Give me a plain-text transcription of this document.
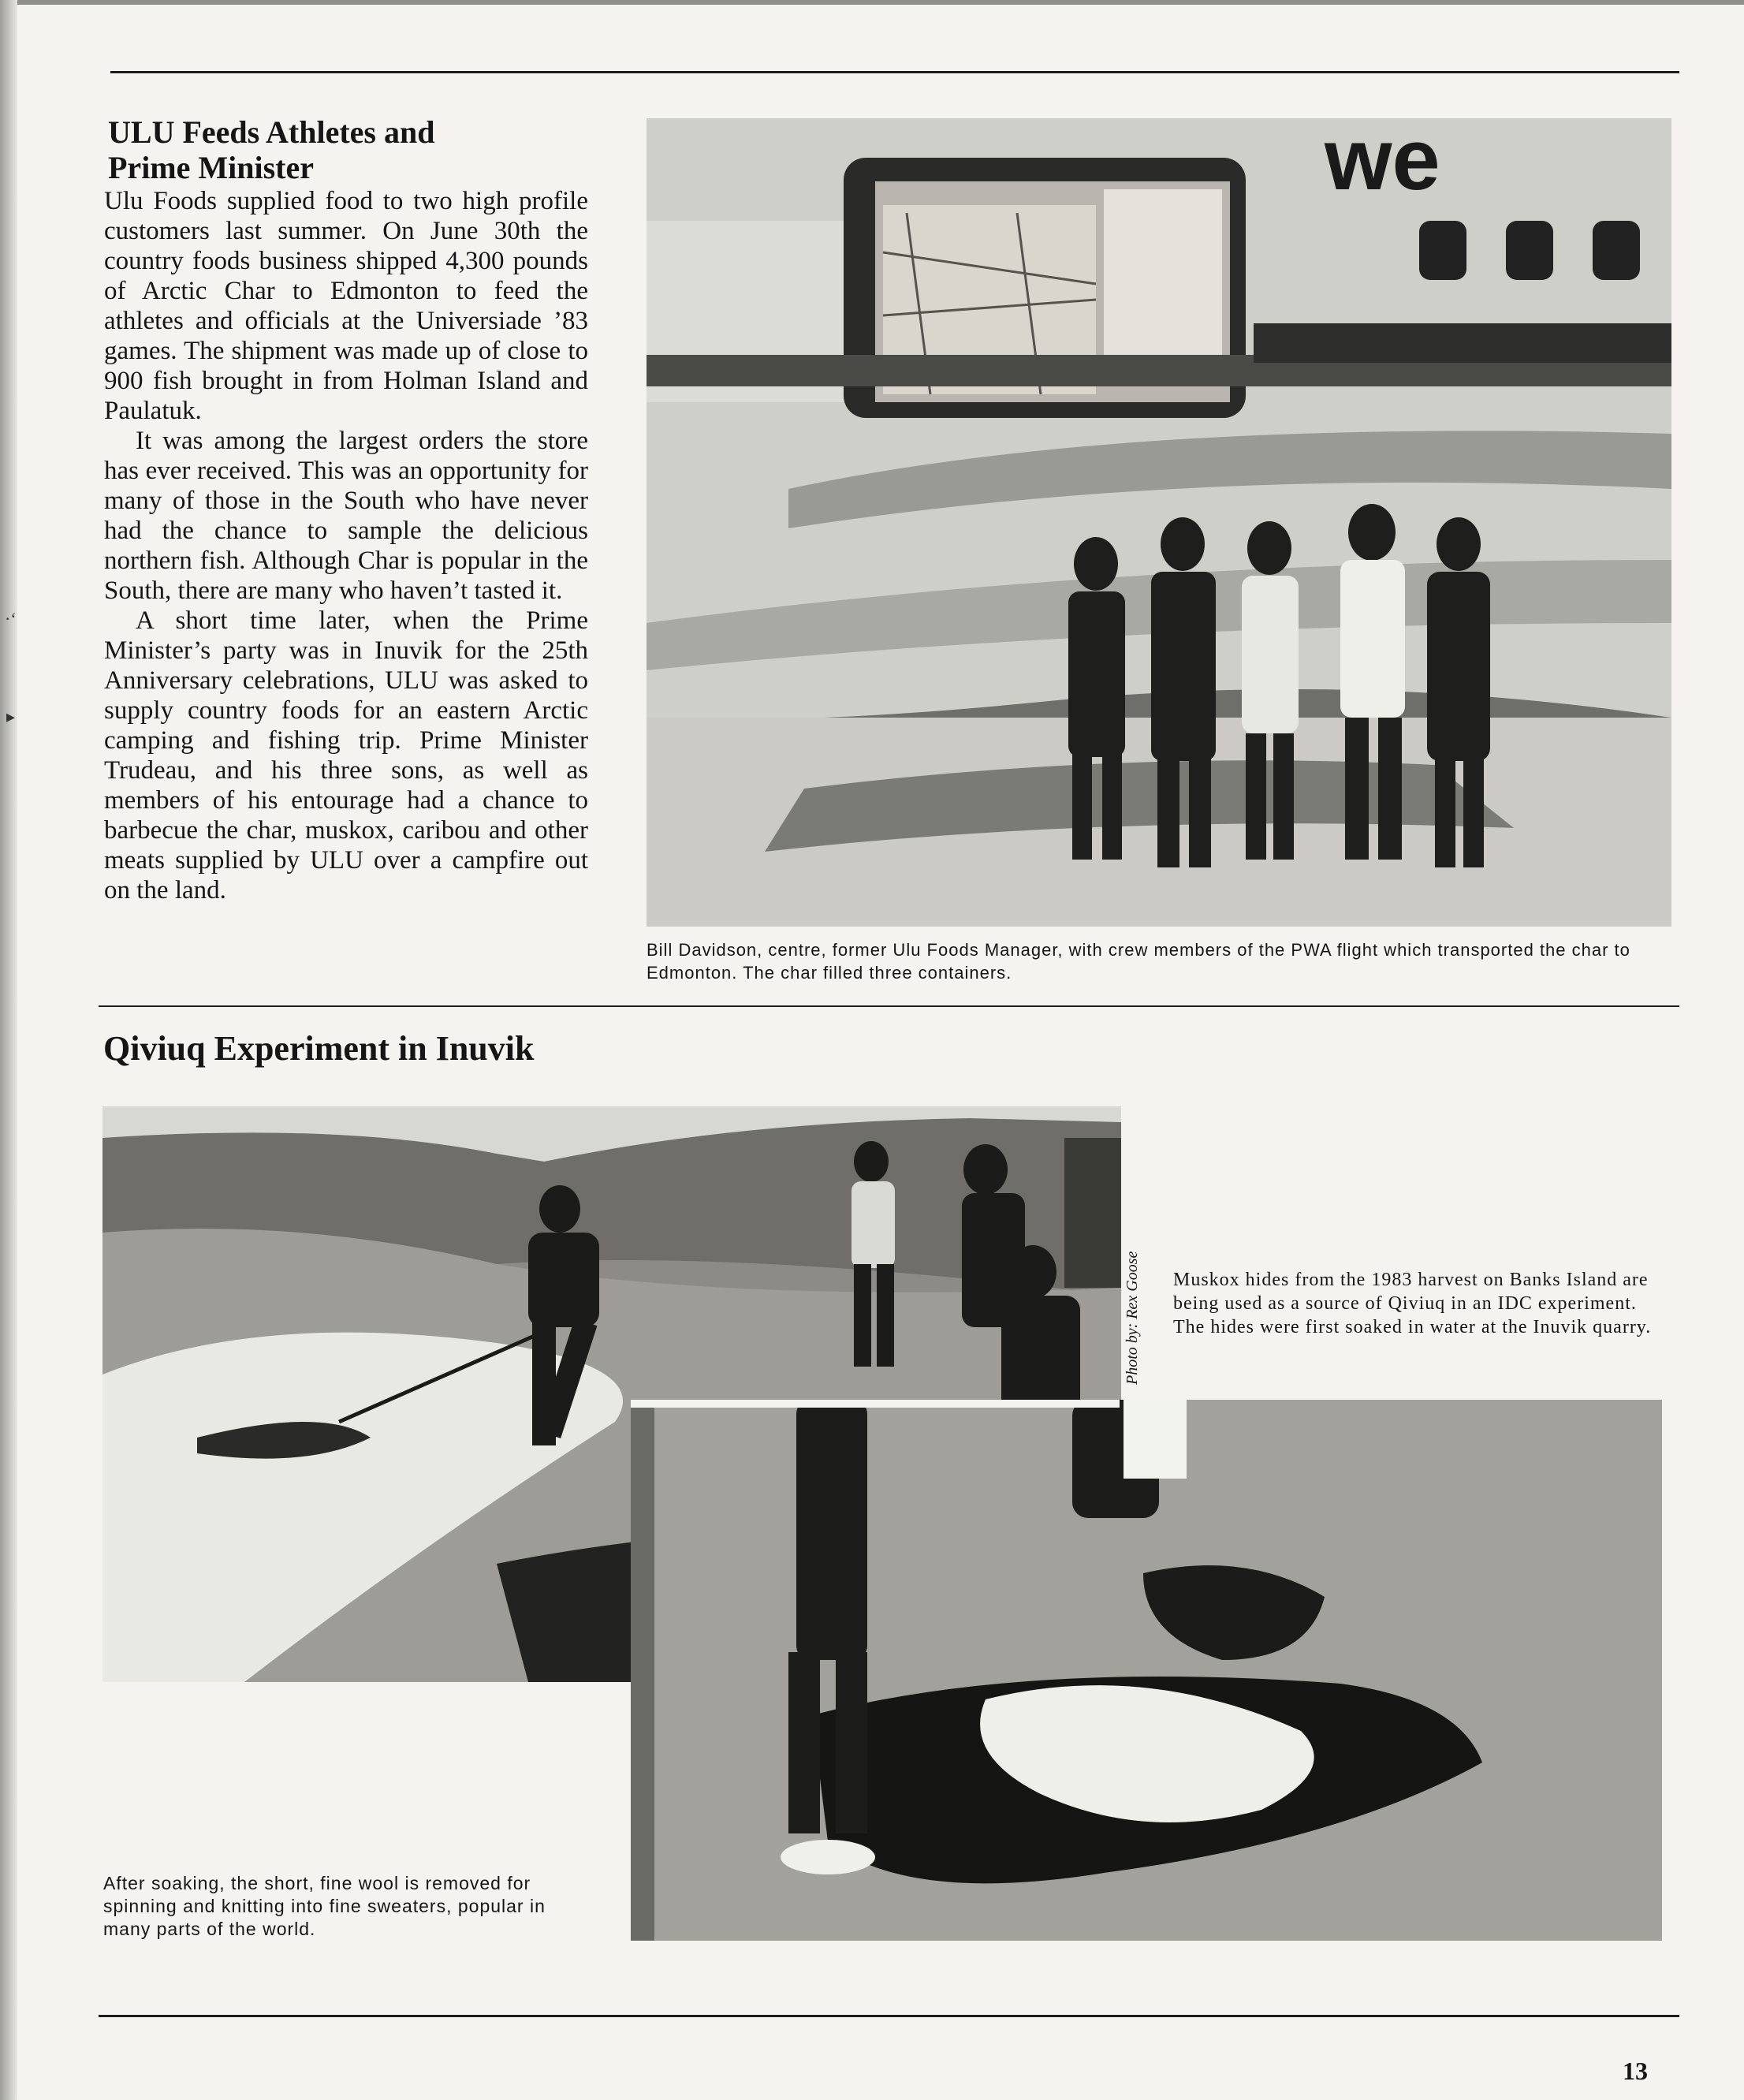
·ʻ
▸
ULU Feeds Athletes and
Prime Minister

Ulu Foods supplied food to two high profile customers last summer. On June 30th the country foods business shipped 4,300 pounds of Arctic Char to Edmonton to feed the athletes and officials at the Universiade ’83 games. The shipment was made up of close to 900 fish brought in from Holman Island and Paulatuk.

It was among the largest orders the store has ever received. This was an opportunity for many of those in the South who have never had the chance to sample the delicious northern fish. Although Char is popular in the South, there are many who haven’t tasted it.

A short time later, when the Prime Minister’s party was in Inuvik for the 25th Anniversary celebrations, ULU was asked to supply country foods for an eastern Arctic camping and fishing trip. Prime Minister Trudeau, and his three sons, as well as members of his entourage had a chance to barbecue the char, muskox, caribou and other meats supplied by ULU over a campfire out on the land.

we

Bill Davidson, centre, former Ulu Foods Manager, with crew members of the PWA flight which transported the char to Edmonton. The char filled three containers.

Qiviuq Experiment in Inuvik
Photo by: Rex Goose Muskox hides from the 1983 harvest on Banks Island are being used as a source of Qiviuq in an IDC experiment. The hides were first soaked in water at the Inuvik quarry.

After soaking, the short, fine wool is removed for spinning and knitting into fine sweaters, popular in many parts of the world.

13
